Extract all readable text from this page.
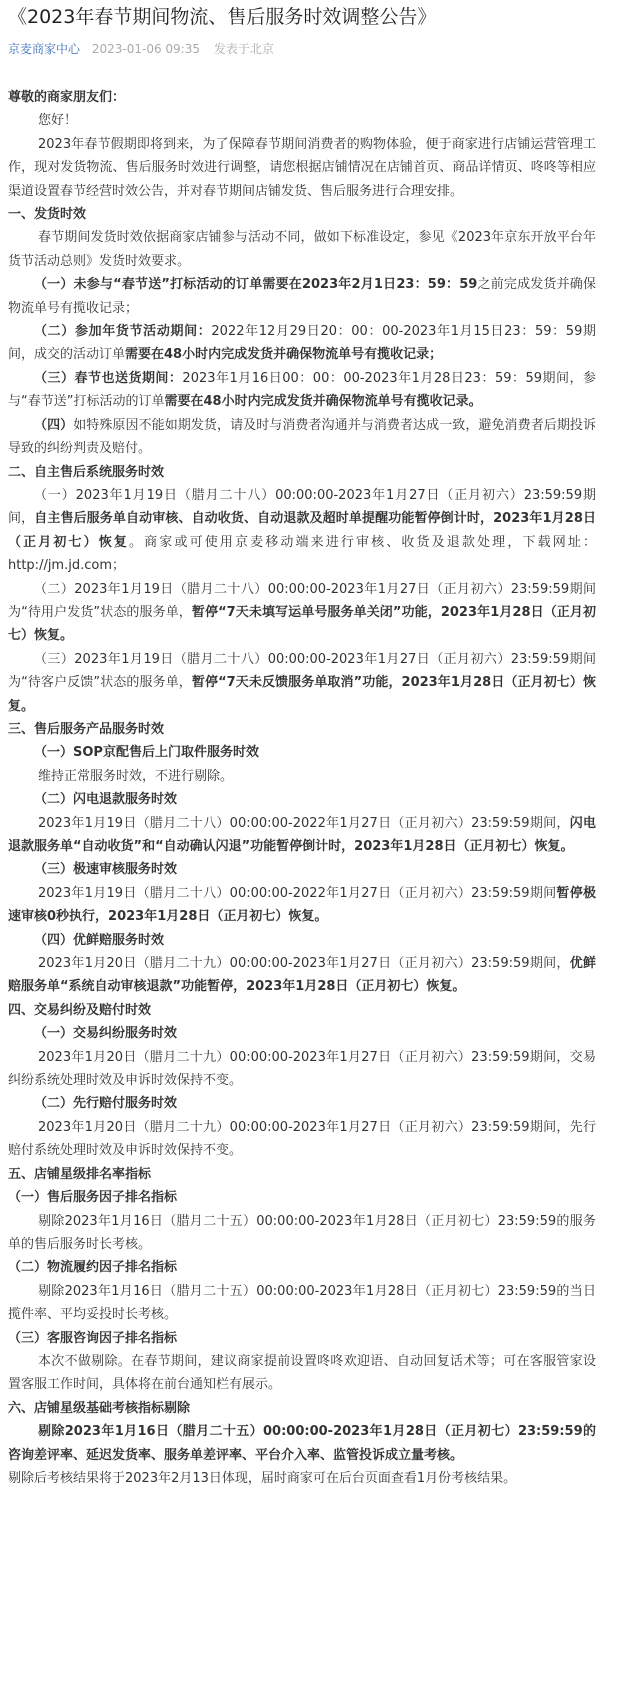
《2023年春节期间物流、售后服务时效调整公告》
京麦商家中心 2023-01-06 09:35 发表于北京

尊敬的商家朋友们：

您好！

2023年春节假期即将到来，为了保障春节期间消费者的购物体验，便于商家进行店铺运营管理工作，现对发货物流、售后服务时效进行调整，请您根据店铺情况在店铺首页、商品详情页、咚咚等相应渠道设置春节经营时效公告，并对春节期间店铺发货、售后服务进行合理安排。

一、发货时效

春节期间发货时效依据商家店铺参与活动不同，做如下标准设定，参见《2023年京东开放平台年货节活动总则》发货时效要求。

（一）未参与“春节送”打标活动的订单需要在2023年2月1日23：59：59之前完成发货并确保物流单号有揽收记录；

（二）参加年货节活动期间：2022年12月29日20：00：00-2023年1月15日23：59：59期间，成交的活动订单需要在48小时内完成发货并确保物流单号有揽收记录；

（三）春节也送货期间：2023年1月16日00：00：00-2023年1月28日23：59：59期间，参与“春节送”打标活动的订单需要在48小时内完成发货并确保物流单号有揽收记录。

（四）如特殊原因不能如期发货，请及时与消费者沟通并与消费者达成一致，避免消费者后期投诉导致的纠纷判责及赔付。

二、自主售后系统服务时效

（一）2023年1月19日（腊月二十八）00:00:00-2023年1月27日（正月初六）23:59:59期间，自主售后服务单自动审核、自动收货、自动退款及超时单提醒功能暂停倒计时，2023年1月28日（正月初七）恢复。商家或可使用京麦移动端来进行审核、收货及退款处理，下载网址：http://jm.jd.com；

（二）2023年1月19日（腊月二十八）00:00:00-2023年1月27日（正月初六）23:59:59期间为“待用户发货”状态的服务单，暂停“7天未填写运单号服务单关闭”功能，2023年1月28日（正月初七）恢复。

（三）2023年1月19日（腊月二十八）00:00:00-2023年1月27日（正月初六）23:59:59期间为“待客户反馈”状态的服务单，暂停“7天未反馈服务单取消”功能，2023年1月28日（正月初七）恢复。

三、售后服务产品服务时效

（一）SOP京配售后上门取件服务时效

维持正常服务时效，不进行剔除。

（二）闪电退款服务时效

2023年1月19日（腊月二十八）00:00:00-2022年1月27日（正月初六）23:59:59期间，闪电退款服务单“自动收货”和“自动确认闪退”功能暂停倒计时，2023年1月28日（正月初七）恢复。

（三）极速审核服务时效

2023年1月19日（腊月二十八）00:00:00-2022年1月27日（正月初六）23:59:59期间暂停极速审核0秒执行，2023年1月28日（正月初七）恢复。

（四）优鲜赔服务时效

2023年1月20日（腊月二十九）00:00:00-2023年1月27日（正月初六）23:59:59期间，优鲜赔服务单“系统自动审核退款”功能暂停，2023年1月28日（正月初七）恢复。

四、交易纠纷及赔付时效

（一）交易纠纷服务时效

2023年1月20日（腊月二十九）00:00:00-2023年1月27日（正月初六）23:59:59期间，交易纠纷系统处理时效及申诉时效保持不变。

（二）先行赔付服务时效

2023年1月20日（腊月二十九）00:00:00-2023年1月27日（正月初六）23:59:59期间，先行赔付系统处理时效及申诉时效保持不变。

五、店铺星级排名率指标

（一）售后服务因子排名指标

剔除2023年1月16日（腊月二十五）00:00:00-2023年1月28日（正月初七）23:59:59的服务单的售后服务时长考核。

（二）物流履约因子排名指标

剔除2023年1月16日（腊月二十五）00:00:00-2023年1月28日（正月初七）23:59:59的当日揽件率、平均妥投时长考核。

（三）客服咨询因子排名指标

本次不做剔除。在春节期间，建议商家提前设置咚咚欢迎语、自动回复话术等；可在客服管家设置客服工作时间，具体将在前台通知栏有展示。

六、店铺星级基础考核指标剔除

剔除2023年1月16日（腊月二十五）00:00:00-2023年1月28日（正月初七）23:59:59的咨询差评率、延迟发货率、服务单差评率、平台介入率、监管投诉成立量考核。

剔除后考核结果将于2023年2月13日体现，届时商家可在后台页面查看1月份考核结果。
